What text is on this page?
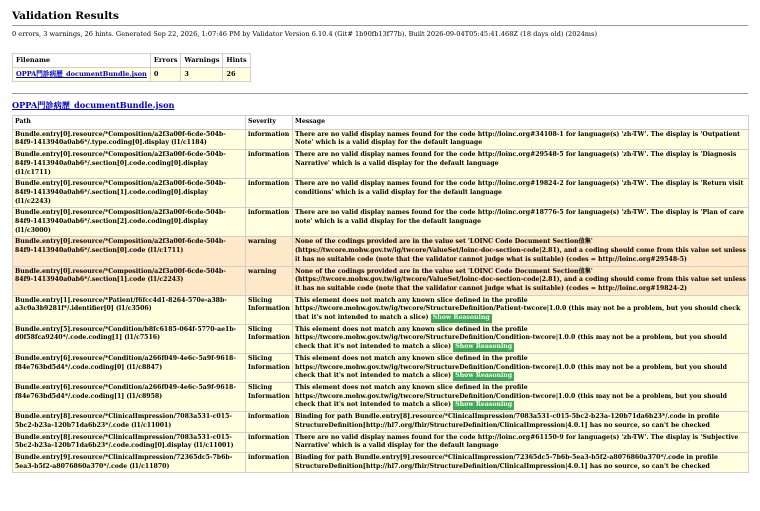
Validation Results

0 errors, 3 warnings, 26 hints. Generated Sep 22, 2026, 1:07:46 PM by Validator Version 6.10.4 (Git# 1b90fb13f77b). Built 2026-09-04T05:45:41.468Z (18 days old) (2024ms)

Filename	Errors	Warnings	Hints
OPPA門診病歷_documentBundle.json	0	3	26
OPPA門診病歷_documentBundle.json
Path	Severity	Message
Bundle.entry[0].resource/*Composition/a2f3a00f-6cde-504b-84f9-1413940a0ab6*/.type.coding[0].display (l1/c1184)	information	There are no valid display names found for the code http://loinc.org#34108-1 for language(s) 'zh-TW'. The display is 'Outpatient Note' which is a valid display for the default language
Bundle.entry[0].resource/*Composition/a2f3a00f-6cde-504b-84f9-1413940a0ab6*/.section[0].code.coding[0].display (l1/c1711)	information	There are no valid display names found for the code http://loinc.org#29548-5 for language(s) 'zh-TW'. The display is 'Diagnosis Narrative' which is a valid display for the default language
Bundle.entry[0].resource/*Composition/a2f3a00f-6cde-504b-84f9-1413940a0ab6*/.section[1].code.coding[0].display (l1/c2243)	information	There are no valid display names found for the code http://loinc.org#19824-2 for language(s) 'zh-TW'. The display is 'Return visit conditions' which is a valid display for the default language
Bundle.entry[0].resource/*Composition/a2f3a00f-6cde-504b-84f9-1413940a0ab6*/.section[2].code.coding[0].display (l1/c3000)	information	There are no valid display names found for the code http://loinc.org#18776-5 for language(s) 'zh-TW'. The display is 'Plan of care note' which is a valid display for the default language
Bundle.entry[0].resource/*Composition/a2f3a00f-6cde-504b-84f9-1413940a0ab6*/.section[0].code (l1/c1711)	warning	None of the codings provided are in the value set 'LOINC Code Document Section值集' (https://twcore.mohw.gov.tw/ig/twcore/ValueSet/loinc-doc-section-code|2.81), and a coding should come from this value set unless it has no suitable code (note that the validator cannot judge what is suitable) (codes = http://loinc.org#29548-5)
Bundle.entry[0].resource/*Composition/a2f3a00f-6cde-504b-84f9-1413940a0ab6*/.section[1].code (l1/c2243)	warning	None of the codings provided are in the value set 'LOINC Code Document Section值集' (https://twcore.mohw.gov.tw/ig/twcore/ValueSet/loinc-doc-section-code|2.81), and a coding should come from this value set unless it has no suitable code (note that the validator cannot judge what is suitable) (codes = http://loinc.org#19824-2)
Bundle.entry[1].resource/*Patient/f6fcc4d1-8264-570e-a38b-a3c0a3b9281f*/.identifier[0] (l1/c3506)	Slicing Information	This element does not match any known slice defined in the profile https://twcore.mohw.gov.tw/ig/twcore/StructureDefinition/Patient-twcore|1.0.0 (this may not be a problem, but you should check that it's not intended to match a slice) Show Reasoning
Bundle.entry[5].resource/*Condition/b8fc6185-064f-5770-ae1b-d0f58fca9240*/.code.coding[1] (l1/c7516)	Slicing Information	This element does not match any known slice defined in the profile https://twcore.mohw.gov.tw/ig/twcore/StructureDefinition/Condition-twcore|1.0.0 (this may not be a problem, but you should check that it's not intended to match a slice) Show Reasoning
Bundle.entry[6].resource/*Condition/a266f049-4e6c-5a9f-9618-f84e763bd5d4*/.code.coding[0] (l1/c8847)	Slicing Information	This element does not match any known slice defined in the profile https://twcore.mohw.gov.tw/ig/twcore/StructureDefinition/Condition-twcore|1.0.0 (this may not be a problem, but you should check that it's not intended to match a slice) Show Reasoning
Bundle.entry[6].resource/*Condition/a266f049-4e6c-5a9f-9618-f84e763bd5d4*/.code.coding[1] (l1/c8958)	Slicing Information	This element does not match any known slice defined in the profile https://twcore.mohw.gov.tw/ig/twcore/StructureDefinition/Condition-twcore|1.0.0 (this may not be a problem, but you should check that it's not intended to match a slice) Show Reasoning
Bundle.entry[8].resource/*ClinicalImpression/7083a531-c015-5bc2-b23a-120b71da6b23*/.code (l1/c11001)	information	Binding for path Bundle.entry[8].resource/*ClinicalImpression/7083a531-c015-5bc2-b23a-120b71da6b23*/.code in profile StructureDefinition[http://hl7.org/fhir/StructureDefinition/ClinicalImpression|4.0.1] has no source, so can't be checked
Bundle.entry[8].resource/*ClinicalImpression/7083a531-c015-5bc2-b23a-120b71da6b23*/.code.coding[0].display (l1/c11001)	information	There are no valid display names found for the code http://loinc.org#61150-9 for language(s) 'zh-TW'. The display is 'Subjective Narrative' which is a valid display for the default language
Bundle.entry[9].resource/*ClinicalImpression/72365dc5-7b6b-5ea3-b5f2-a8076860a370*/.code (l1/c11870)	information	Binding for path Bundle.entry[9].resource/*ClinicalImpression/72365dc5-7b6b-5ea3-b5f2-a8076860a370*/.code in profile StructureDefinition[http://hl7.org/fhir/StructureDefinition/ClinicalImpression|4.0.1] has no source, so can't be checked
